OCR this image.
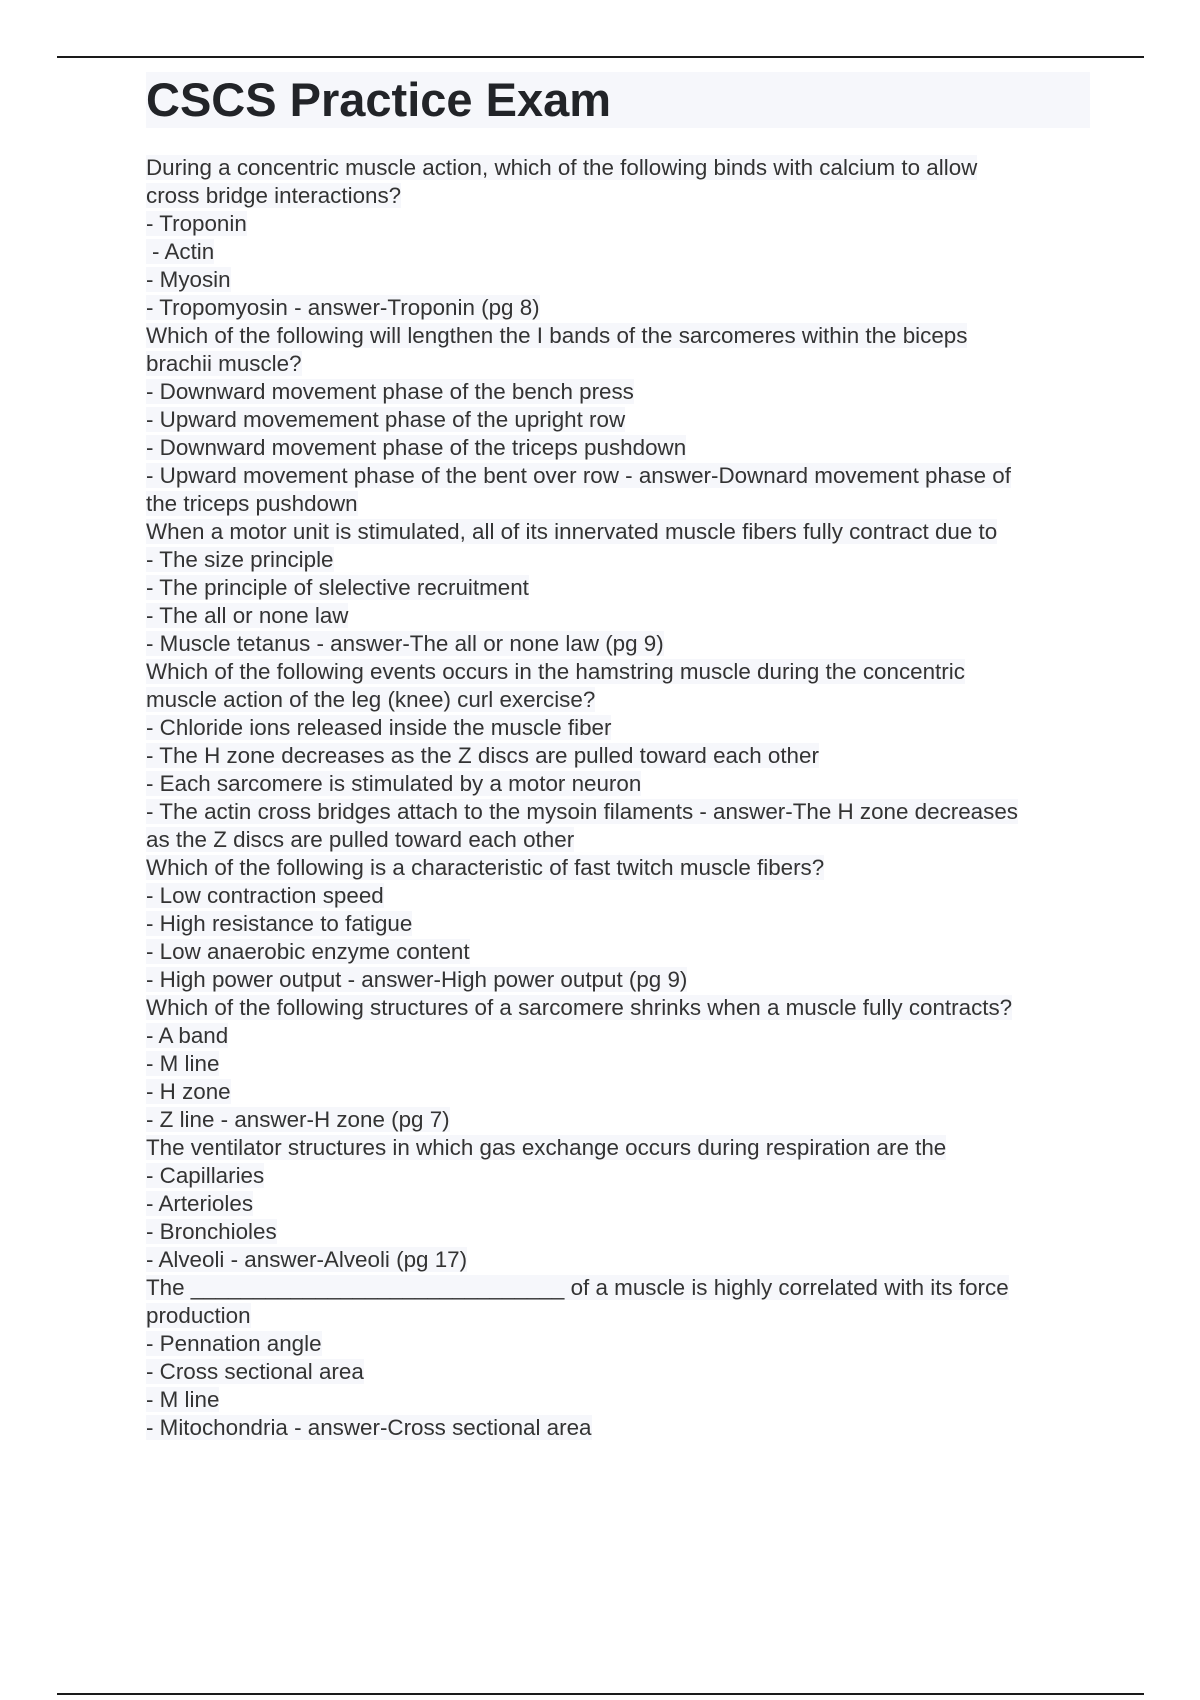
CSCS Practice Exam
During a concentric muscle action, which of the following binds with calcium to allow
cross bridge interactions?
- Troponin
- Actin
- Myosin
- Tropomyosin - answer-Troponin (pg 8)
Which of the following will lengthen the I bands of the sarcomeres within the biceps
brachii muscle?
- Downward movement phase of the bench press
- Upward movemement phase of the upright row
- Downward movement phase of the triceps pushdown
- Upward movement phase of the bent over row - answer-Downard movement phase of
the triceps pushdown
When a motor unit is stimulated, all of its innervated muscle fibers fully contract due to
- The size principle
- The principle of slelective recruitment
- The all or none law
- Muscle tetanus - answer-The all or none law (pg 9)
Which of the following events occurs in the hamstring muscle during the concentric
muscle action of the leg (knee) curl exercise?
- Chloride ions released inside the muscle fiber
- The H zone decreases as the Z discs are pulled toward each other
- Each sarcomere is stimulated by a motor neuron
- The actin cross bridges attach to the mysoin filaments - answer-The H zone decreases
as the Z discs are pulled toward each other
Which of the following is a characteristic of fast twitch muscle fibers?
- Low contraction speed
- High resistance to fatigue
- Low anaerobic enzyme content
- High power output - answer-High power output (pg 9)
Which of the following structures of a sarcomere shrinks when a muscle fully contracts?
- A band
- M line
- H zone
- Z line - answer-H zone (pg 7)
The ventilator structures in which gas exchange occurs during respiration are the
- Capillaries
- Arterioles
- Bronchioles
- Alveoli - answer-Alveoli (pg 17)
The ______________________________ of a muscle is highly correlated with its force
production
- Pennation angle
- Cross sectional area
- M line
- Mitochondria - answer-Cross sectional area
